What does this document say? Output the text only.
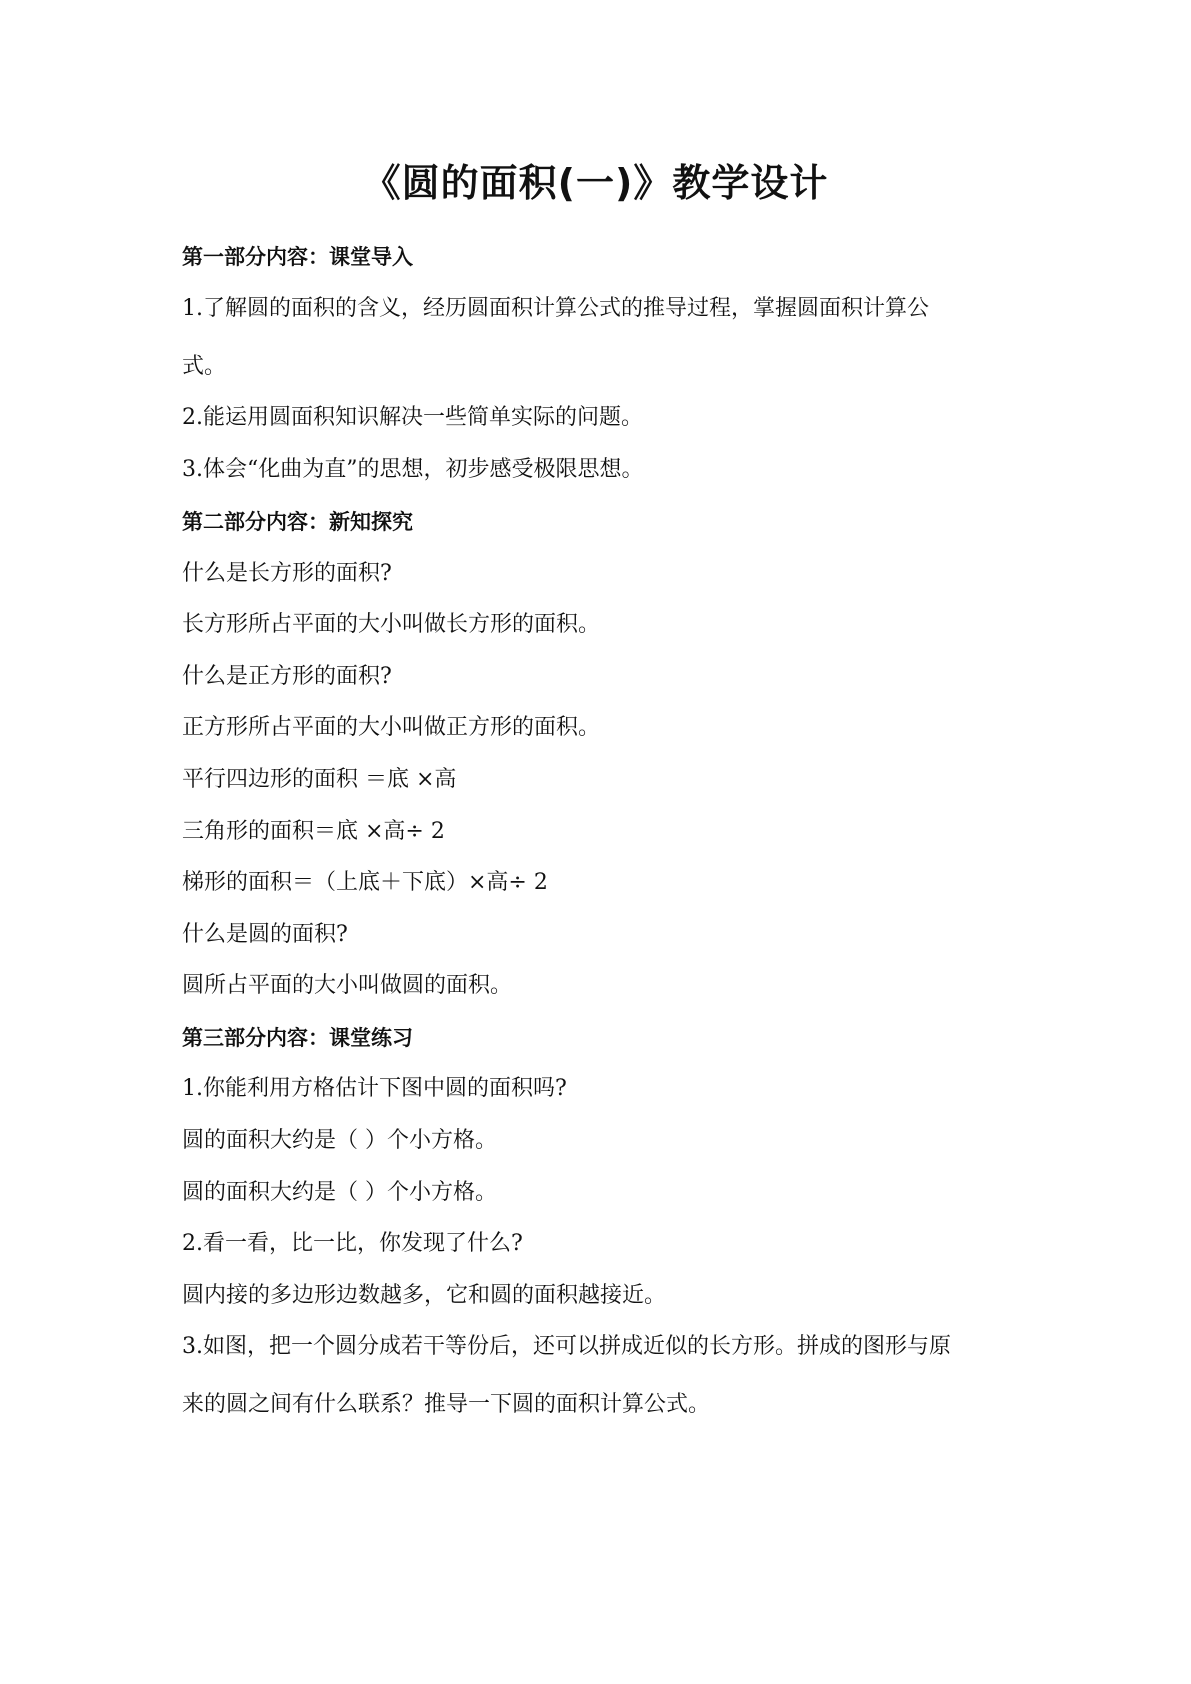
《圆的面积(一)》教学设计
第一部分内容：课堂导入
1.了解圆的面积的含义，经历圆面积计算公式的推导过程，掌握圆面积计算公
式。
2.能运用圆面积知识解决一些简单实际的问题。
3.体会“化曲为直”的思想，初步感受极限思想。
第二部分内容：新知探究
什么是长方形的面积?
长方形所占平面的大小叫做长方形的面积。
什么是正方形的面积?
正方形所占平面的大小叫做正方形的面积。
平行四边形的面积 ＝底 ×高
三角形的面积＝底 ×高÷ 2
梯形的面积＝（上底＋下底）×高÷ 2
什么是圆的面积?
圆所占平面的大小叫做圆的面积。
第三部分内容：课堂练习
1.你能利用方格估计下图中圆的面积吗?
圆的面积大约是（ ）个小方格。
圆的面积大约是（ ）个小方格。
2.看一看，比一比，你发现了什么?
圆内接的多边形边数越多，它和圆的面积越接近。
3.如图，把一个圆分成若干等份后，还可以拼成近似的长方形。拼成的图形与原
来的圆之间有什么联系？推导一下圆的面积计算公式。
